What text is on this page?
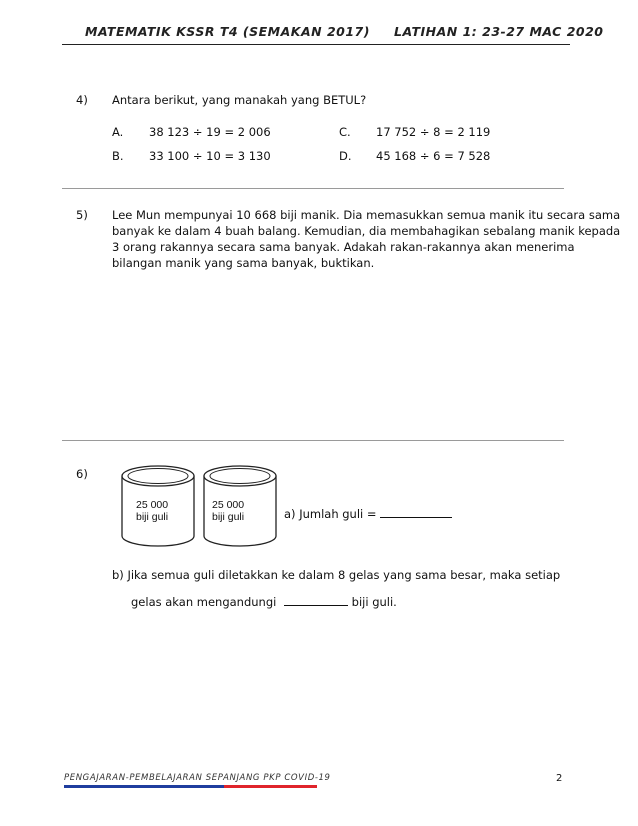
MATEMATIK KSSR T4 (SEMAKAN 2017) LATIHAN 1: 23-27 MAC 2020
4) Antara berikut, yang manakah yang BETUL?
A. 38 123 ÷ 19 = 2 006	C. 17 752 ÷ 8 = 2 119
B. 33 100 ÷ 10 = 3 130	D. 45 168 ÷ 6 = 7 528
5) Lee Mun mempunyai 10 668 biji manik. Dia memasukkan semua manik itu secara sama
banyak ke dalam 4 buah balang. Kemudian, dia membahagikan sebalang manik kepada
3 orang rakannya secara sama banyak. Adakah rakan-rakannya akan menerima
bilangan manik yang sama banyak, buktikan.
6)
25 000
biji guli
25 000
biji guli	a) Jumlah guli =
b) Jika semua guli diletakkan ke dalam 8 gelas yang sama besar, maka setiap
gelas akan mengandungi	biji guli.
PENGAJARAN-PEMBELAJARAN SEPANJANG PKP COVID-19	2
